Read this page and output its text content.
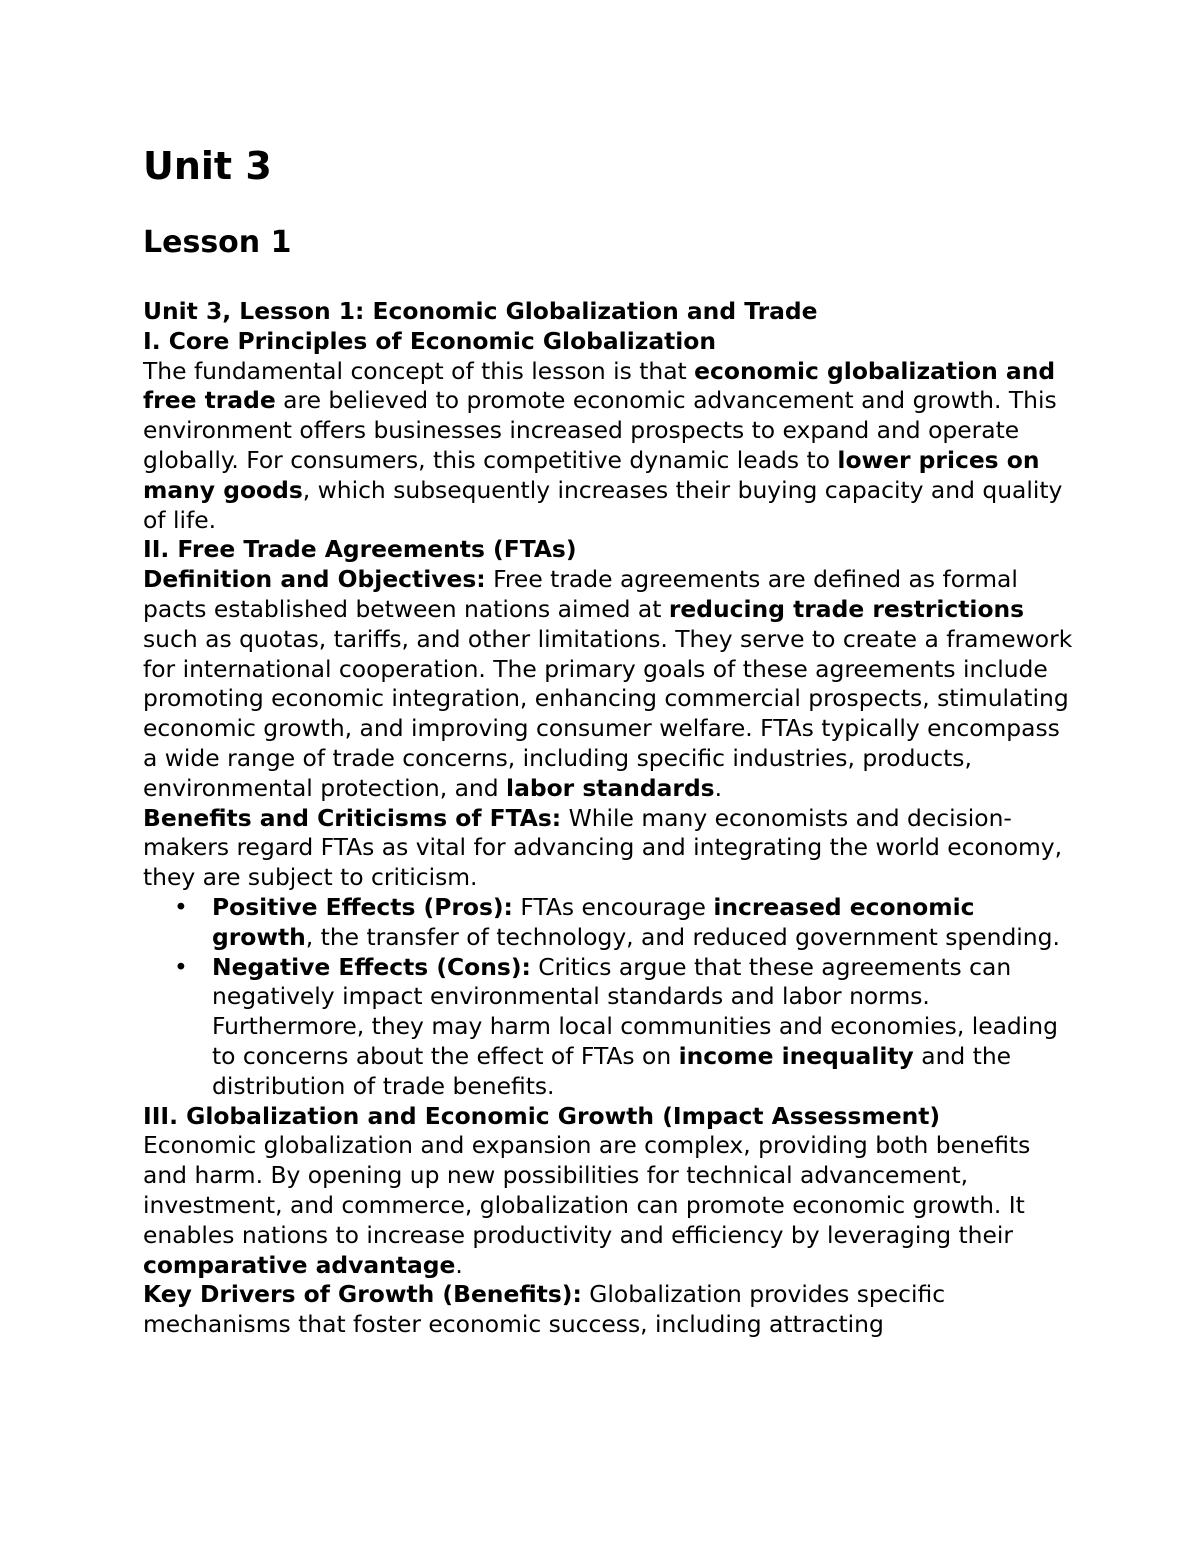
Unit 3
Lesson 1

Unit 3, Lesson 1: Economic Globalization and Trade

I. Core Principles of Economic Globalization

The fundamental concept of this lesson is that economic globalization and free trade are believed to promote economic advancement and growth. This environment offers businesses increased prospects to expand and operate globally. For consumers, this competitive dynamic leads to lower prices on many goods, which subsequently increases their buying capacity and quality of life.

II. Free Trade Agreements (FTAs)

Definition and Objectives: Free trade agreements are defined as formal pacts established between nations aimed at reducing trade restrictions such as quotas, tariffs, and other limitations. They serve to create a framework for international cooperation. The primary goals of these agreements include promoting economic integration, enhancing commercial prospects, stimulating economic growth, and improving consumer welfare. FTAs typically encompass a wide range of trade concerns, including specific industries, products, environmental protection, and labor standards.

Benefits and Criticisms of FTAs: While many economists and decision-makers regard FTAs as vital for advancing and integrating the world economy, they are subject to criticism.

• Positive Effects (Pros): FTAs encourage increased economic growth, the transfer of technology, and reduced government spending.
• Negative Effects (Cons): Critics argue that these agreements can negatively impact environmental standards and labor norms. Furthermore, they may harm local communities and economies, leading to concerns about the effect of FTAs on income inequality and the distribution of trade benefits.

III. Globalization and Economic Growth (Impact Assessment)

Economic globalization and expansion are complex, providing both benefits and harm. By opening up new possibilities for technical advancement, investment, and commerce, globalization can promote economic growth. It enables nations to increase productivity and efficiency by leveraging their comparative advantage.

Key Drivers of Growth (Benefits): Globalization provides specific mechanisms that foster economic success, including attracting
